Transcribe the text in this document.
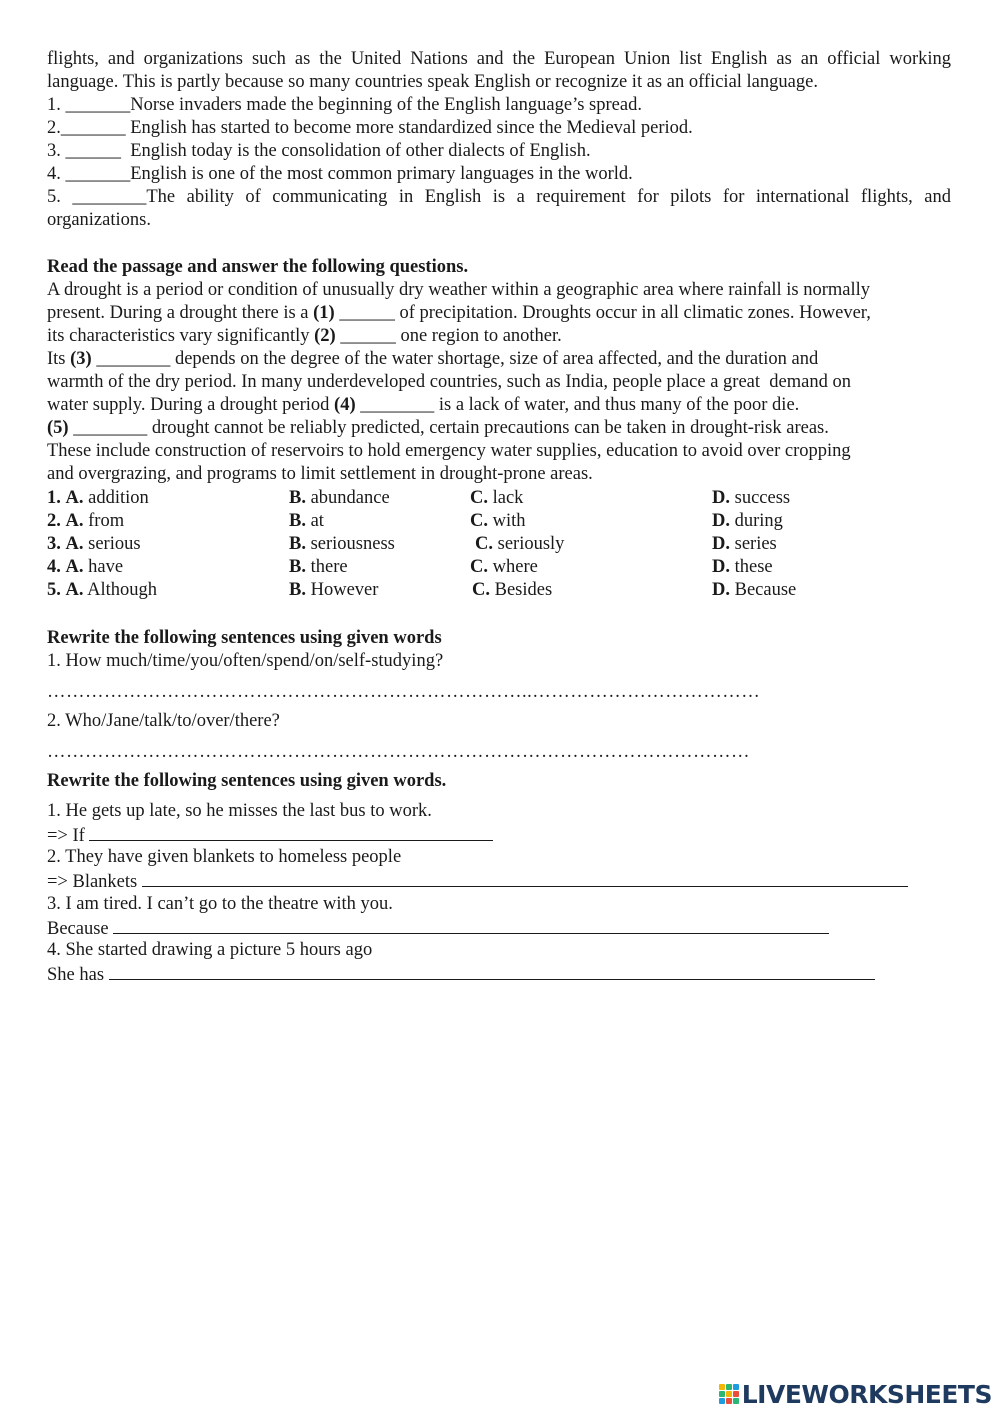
flights, and organizations such as the United Nations and the European Union list English as an official working
language. This is partly because so many countries speak English or recognize it as an official language.
1. _______Norse invaders made the beginning of the English language’s spread.
2._______ English has started to become more standardized since the Medieval period.
3. ______  English today is the consolidation of other dialects of English.
4. _______English is one of the most common primary languages in the world.
5. ________The ability of communicating in English is a requirement for pilots for international flights, and
organizations.
Read the passage and answer the following questions.
A drought is a period or condition of unusually dry weather within a geographic area where rainfall is normally
present. During a drought there is a (1) ______ of precipitation. Droughts occur in all climatic zones. However,
its characteristics vary significantly (2) ______ one region to another.
Its (3) ________ depends on the degree of the water shortage, size of area affected, and the duration and
warmth of the dry period. In many underdeveloped countries, such as India, people place a great  demand on
water supply. During a drought period (4) ________ is a lack of water, and thus many of the poor die.
(5) ________ drought cannot be reliably predicted, certain precautions can be taken in drought-risk areas.
These include construction of reservoirs to hold emergency water supplies, education to avoid over cropping
and overgrazing, and programs to limit settlement in drought-prone areas.
1. A. addition	B. abundance	C. lack	D. success
2. A. from	B. at	C. with	D. during
3. A. serious	B. seriousness	C. seriously	D. series
4. A. have	B. there	C. where	D. these
5. A. Although	B. However	C. Besides	D. Because
Rewrite the following sentences using given words
1. How much/time/you/often/spend/on/self-studying?
…………………………………………………………………..………………………………
2. Who/Jane/talk/to/over/there?
…………………………………………………………………………………………………
Rewrite the following sentences using given words.
1. He gets up late, so he misses the last bus to work.
=> If
2. They have given blankets to homeless people
=> Blankets
3. I am tired. I can’t go to the theatre with you.
Because
4. She started drawing a picture 5 hours ago
She has
LIVEWORKSHEETS
